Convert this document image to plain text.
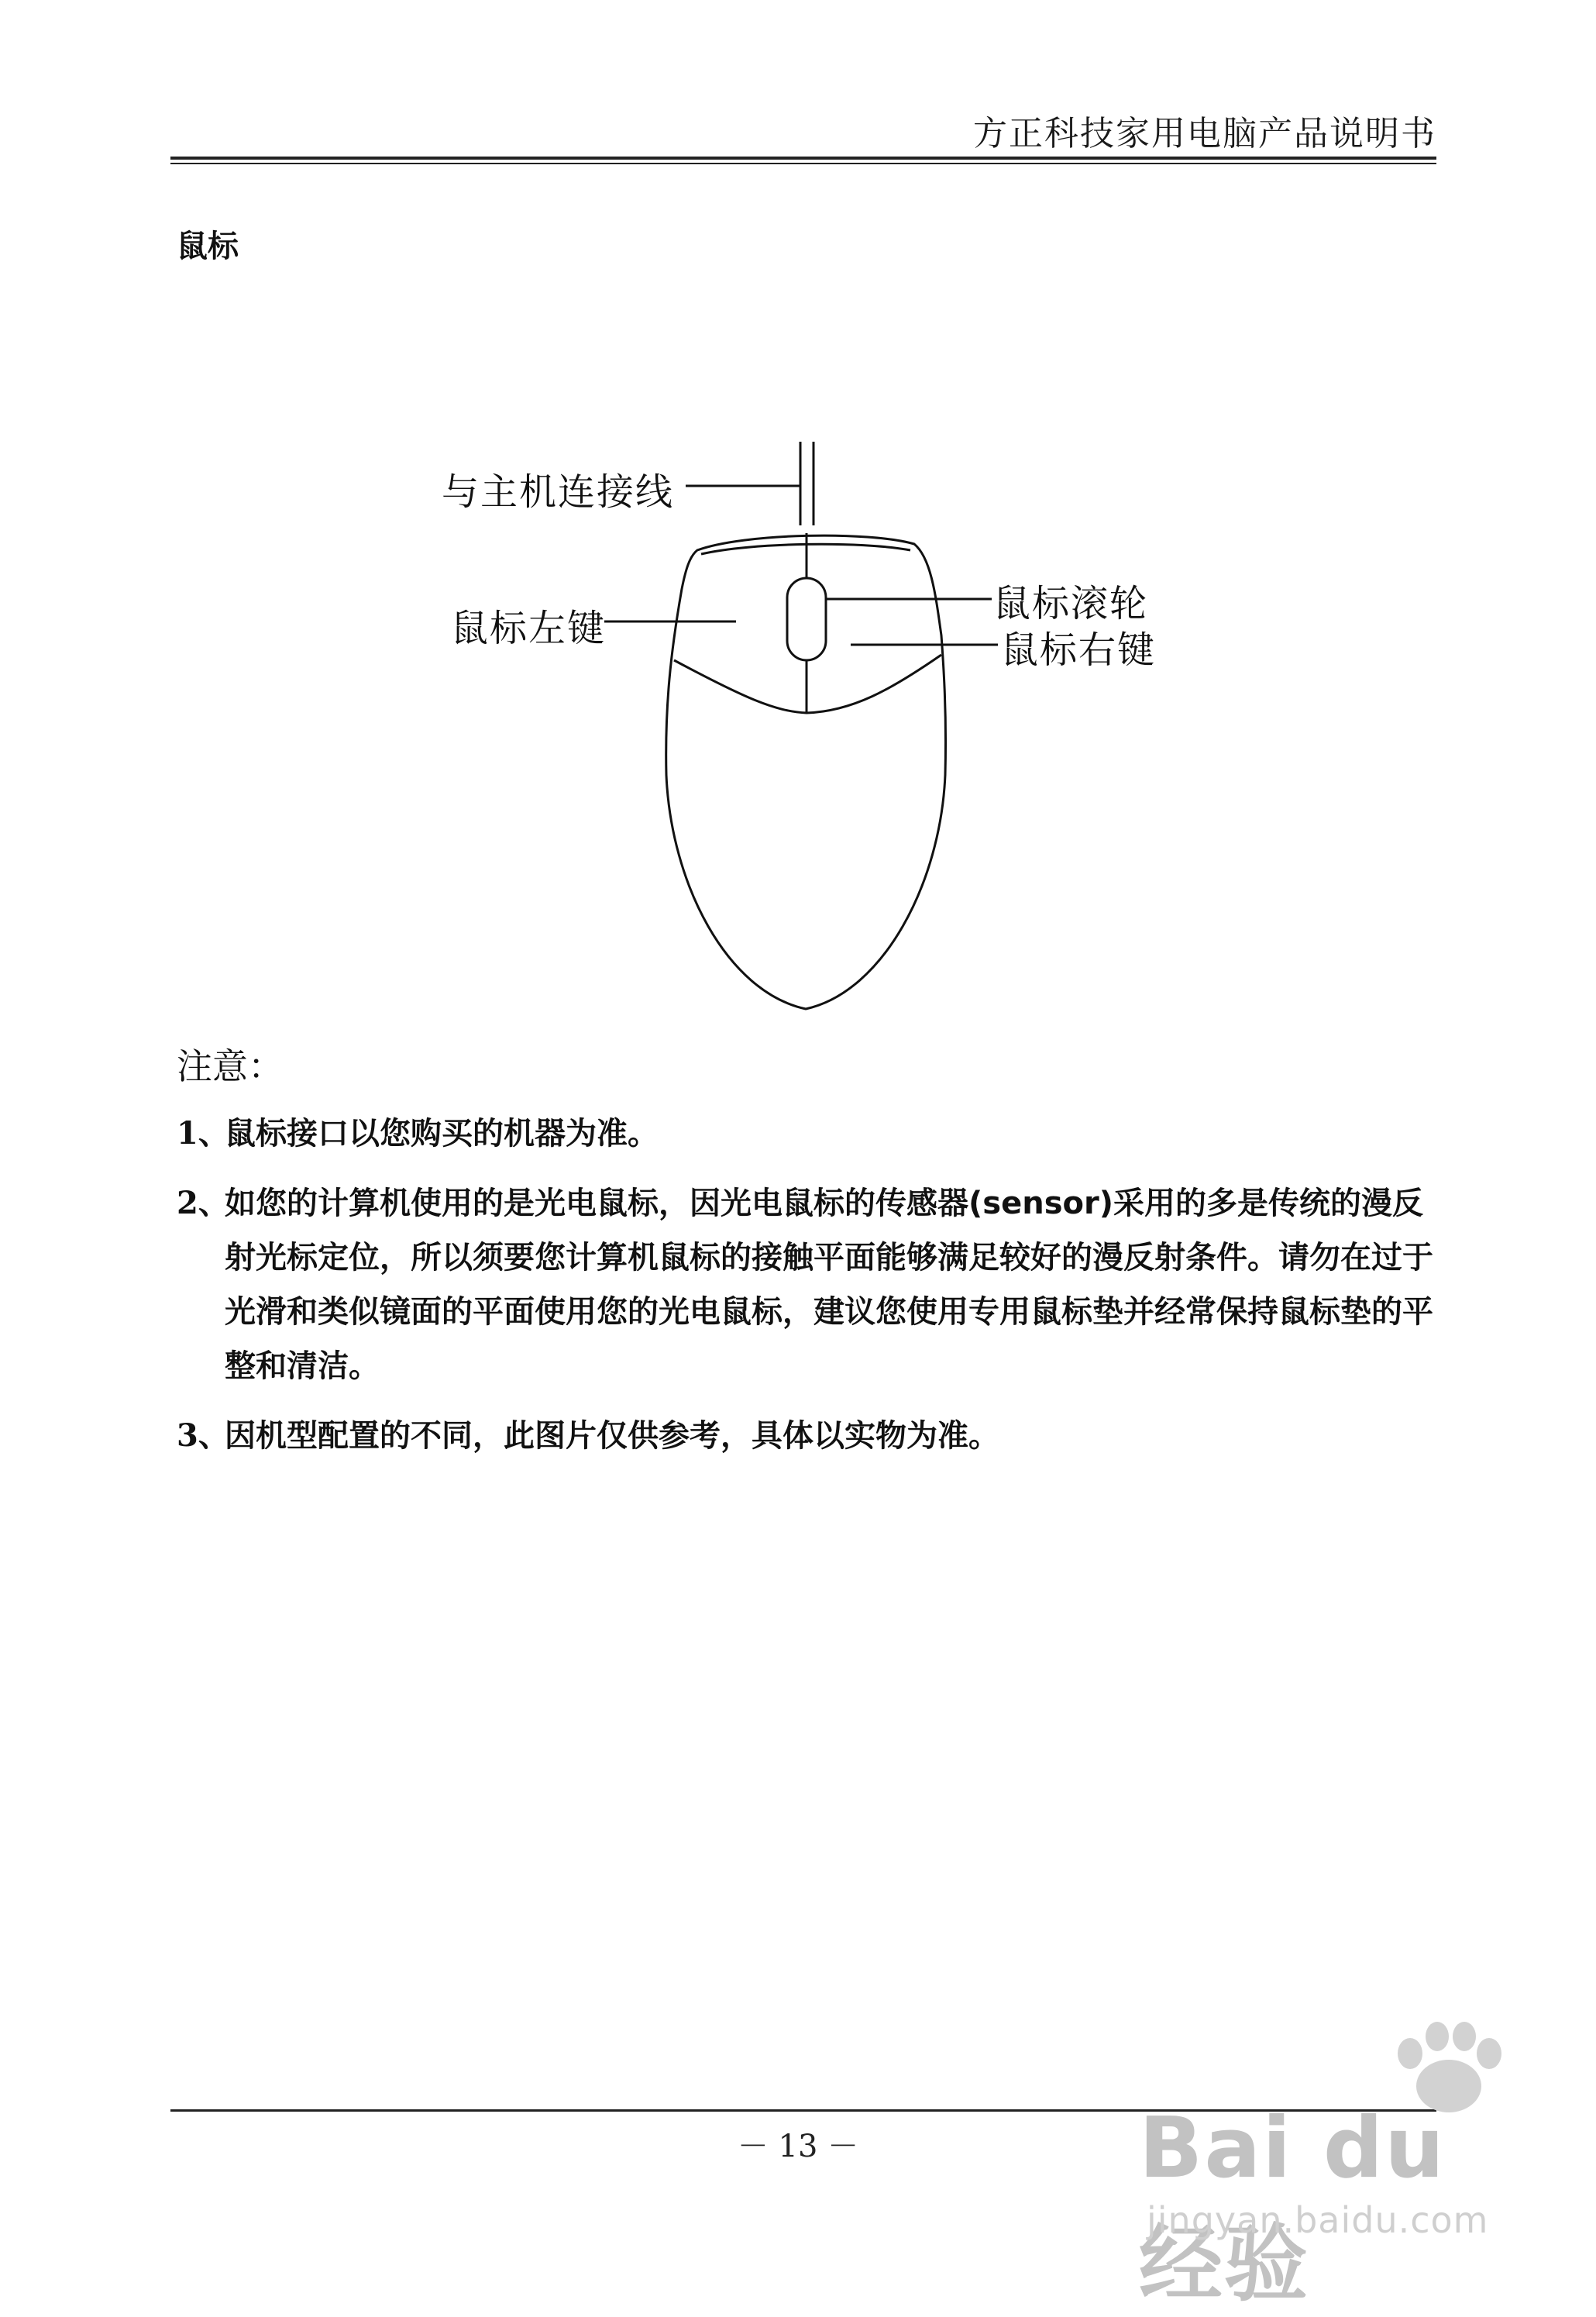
方正科技家用电脑产品说明书
鼠标
与主机连接线
鼠标左键
鼠标滚轮
鼠标右键
注意：
1、
鼠标接口以您购买的机器为准。
2、
如您的计算机使用的是光电鼠标，因光电鼠标的传感器(sensor)采用的多是传统的漫反射光标定位，所以须要您计算机鼠标的接触平面能够满足较好的漫反射条件。请勿在过于光滑和类似镜面的平面使用您的光电鼠标，建议您使用专用鼠标垫并经常保持鼠标垫的平整和清洁。
3、
因机型配置的不同，此图片仅供参考，具体以实物为准。
－ 13 －	Bai du 经验
jingyan.baidu.com
